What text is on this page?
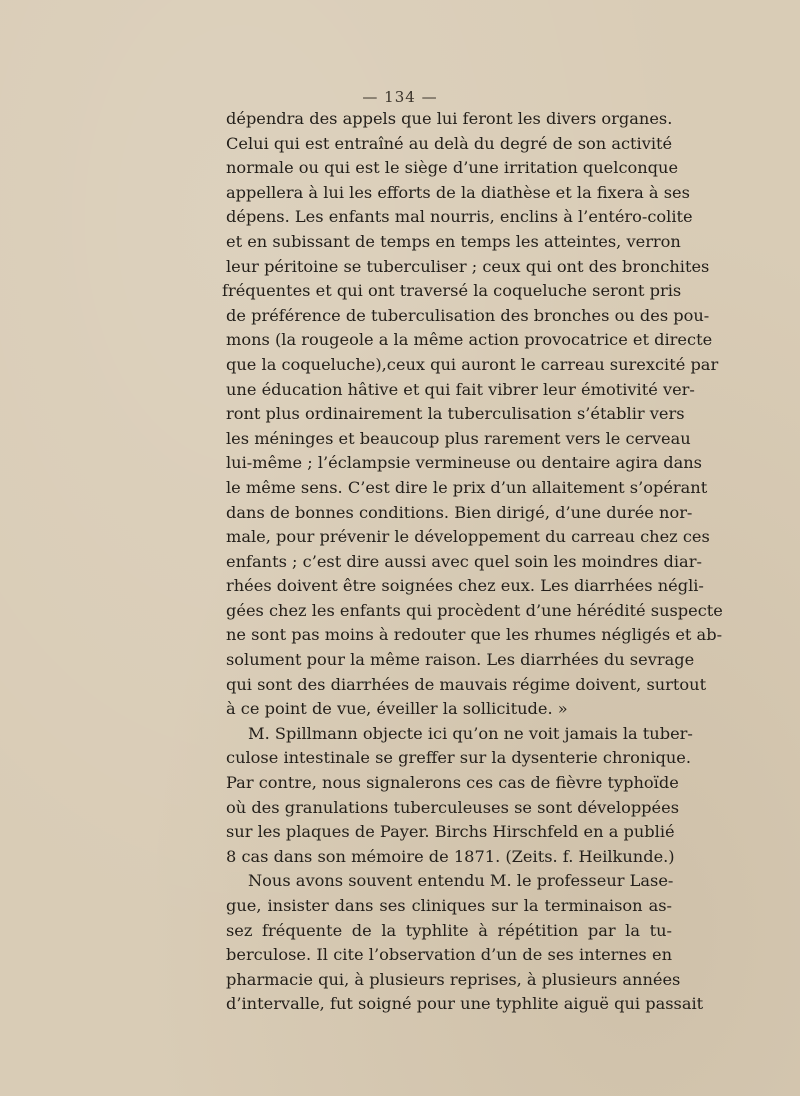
— 134 —
dépendra des appels que lui feront les divers organes.
Celui qui est entraîné au delà du degré de son activité
normale ou qui est le siège d’une irritation quelconque
appellera à lui les efforts de la diathèse et la fixera à ses
dépens. Les enfants mal nourris, enclins à l’entéro-colite
et en subissant de temps en temps les atteintes, verron
leur péritoine se tuberculiser ; ceux qui ont des bronchites
fréquentes et qui ont traversé la coqueluche seront pris
de préférence de tuberculisation des bronches ou des pou-
mons (la rougeole a la même action provocatrice et directe
que la coqueluche),ceux qui auront le carreau surexcité par
une éducation hâtive et qui fait vibrer leur émotivité ver-
ront plus ordinairement la tuberculisation s’établir vers
les méninges et beaucoup plus rarement vers le cerveau
lui-même ; l’éclampsie vermineuse ou dentaire agira dans
le même sens. C’est dire le prix d’un allaitement s’opérant
dans de bonnes conditions. Bien dirigé, d’une durée nor-
male, pour prévenir le développement du carreau chez ces
enfants ; c’est dire aussi avec quel soin les moindres diar-
rhées doivent être soignées chez eux. Les diarrhées négli-
gées chez les enfants qui procèdent d’une hérédité suspecte
ne sont pas moins à redouter que les rhumes négligés et ab-
solument pour la même raison. Les diarrhées du sevrage
qui sont des diarrhées de mauvais régime doivent, surtout
à ce point de vue, éveiller la sollicitude. »
M. Spillmann objecte ici qu’on ne voit jamais la tuber-
culose intestinale se greffer sur la dysenterie chronique.
Par contre, nous signalerons ces cas de fièvre typhoïde
où des granulations tuberculeuses se sont développées
sur les plaques de Payer. Birchs Hirschfeld en a publié
8 cas dans son mémoire de 1871. (Zeits. f. Heilkunde.)
Nous avons souvent entendu M. le professeur Lase-
gue, insister dans ses cliniques sur la terminaison as-
sez fréquente de la typhlite à répétition par la tu-
berculose. Il cite l’observation d’un de ses internes en
pharmacie qui, à plusieurs reprises, à plusieurs années
d’intervalle, fut soigné pour une typhlite aiguë qui passait
